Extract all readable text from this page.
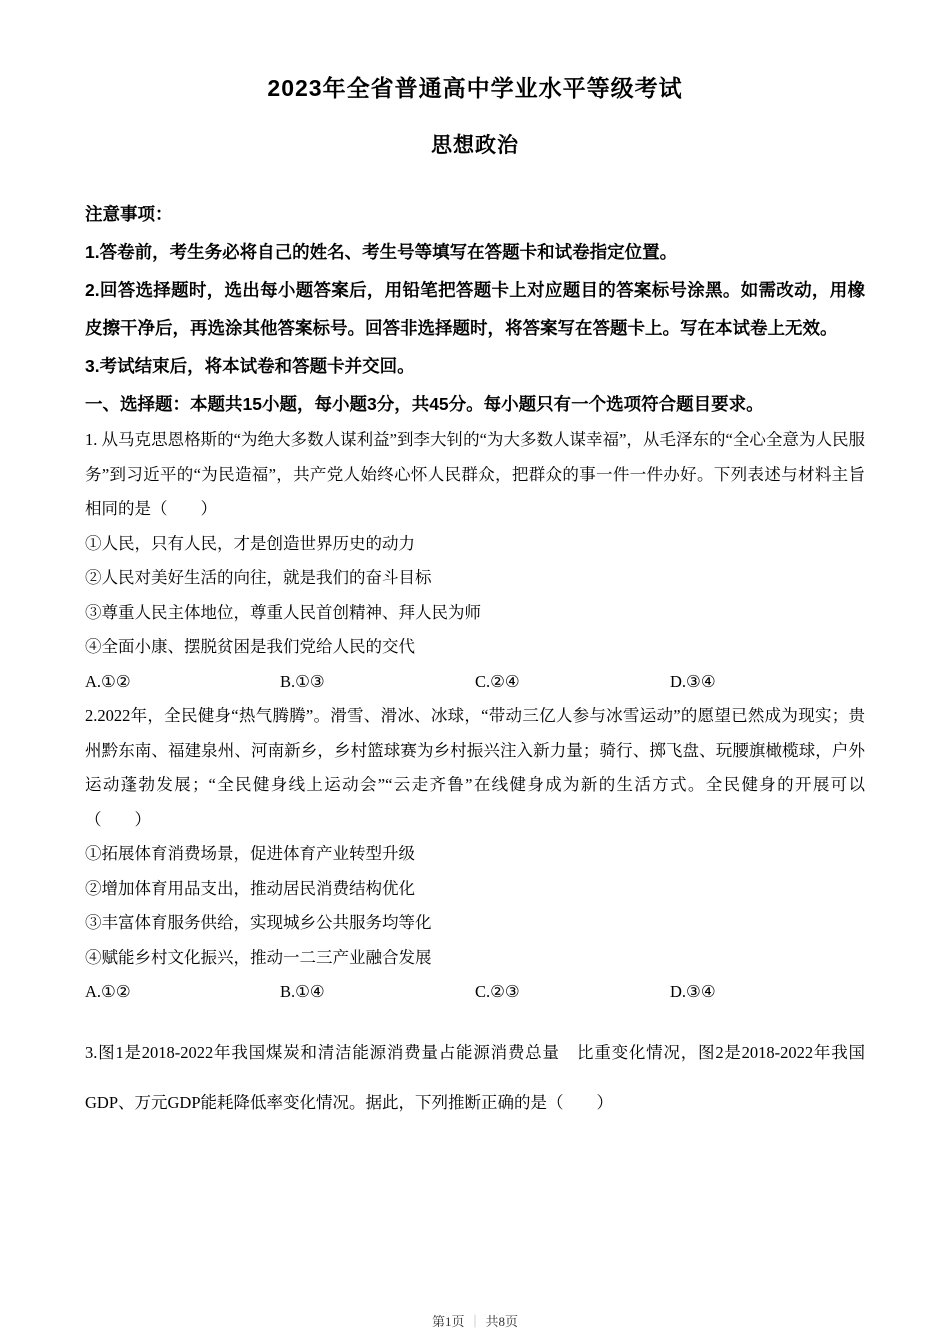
2023年全省普通高中学业水平等级考试
思想政治

注意事项：

1.答卷前，考生务必将自己的姓名、考生号等填写在答题卡和试卷指定位置。

2.回答选择题时，选出每小题答案后，用铅笔把答题卡上对应题目的答案标号涂黑。如需改动，用橡皮擦干净后，再选涂其他答案标号。回答非选择题时，将答案写在答题卡上。写在本试卷上无效。

3.考试结束后，将本试卷和答题卡并交回。

一、选择题：本题共15小题，每小题3分，共45分。每小题只有一个选项符合题目要求。

1. 从马克思恩格斯的“为绝大多数人谋利益”到李大钊的“为大多数人谋幸福”，从毛泽东的“全心全意为人民服务”到习近平的“为民造福”，共产党人始终心怀人民群众，把群众的事一件一件办好。下列表述与材料主旨相同的是（　　）

①人民，只有人民，才是创造世界历史的动力

②人民对美好生活的向往，就是我们的奋斗目标

③尊重人民主体地位，尊重人民首创精神、拜人民为师

④全面小康、摆脱贫困是我们党给人民的交代

A.①②	B.①③	C.②④	D.③④

2.2022年，全民健身“热气腾腾”。滑雪、滑冰、冰球，“带动三亿人参与冰雪运动”的愿望已然成为现实；贵州黔东南、福建泉州、河南新乡，乡村篮球赛为乡村振兴注入新力量；骑行、掷飞盘、玩腰旗橄榄球，户外运动蓬勃发展；“全民健身线上运动会”“云走齐鲁”在线健身成为新的生活方式。全民健身的开展可以（　　）

①拓展体育消费场景，促进体育产业转型升级

②增加体育用品支出，推动居民消费结构优化

③丰富体育服务供给，实现城乡公共服务均等化

④赋能乡村文化振兴，推动一二三产业融合发展

A.①②	B.①④	C.②③	D.③④

3.图1是2018-2022年我国煤炭和清洁能源消费量占能源消费总量　比重变化情况，图2是2018-2022年我国GDP、万元GDP能耗降低率变化情况。据此，下列推断正确的是（　　）

第1页 ｜ 共8页
